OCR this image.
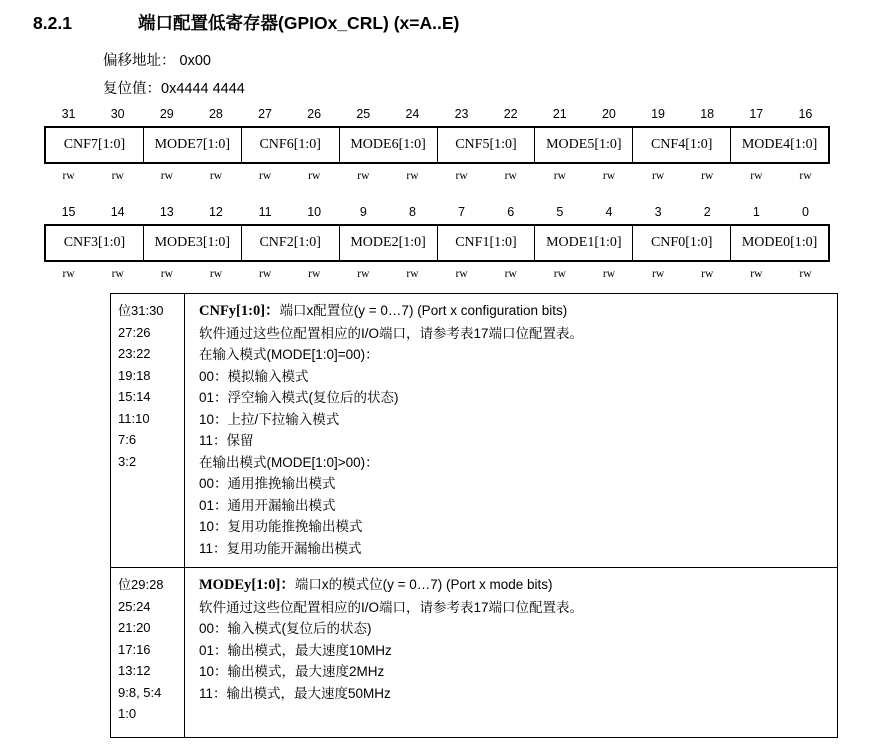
8.2.1	端口配置低寄存器(GPIOx_CRL) (x=A..E)
偏移地址： 0x00
复位值：0x4444 4444
31	30	29	28	27	26	25	24	23	22	21	20	19	18	17	16
CNF7[1:0]	MODE7[1:0]	CNF6[1:0]	MODE6[1:0]	CNF5[1:0]	MODE5[1:0]	CNF4[1:0]	MODE4[1:0]
rw	rw	rw	rw	rw	rw	rw	rw	rw	rw	rw	rw	rw	rw	rw	rw
15	14	13	12	11	10	9	8	7	6	5	4	3	2	1	0
CNF3[1:0]	MODE3[1:0]	CNF2[1:0]	MODE2[1:0]	CNF1[1:0]	MODE1[1:0]	CNF0[1:0]	MODE0[1:0]
rw	rw	rw	rw	rw	rw	rw	rw	rw	rw	rw	rw	rw	rw	rw	rw
位31:30
27:26
23:22
19:18
15:14
11:10
7:6
3:2
CNFy[1:0]：端口x配置位(y = 0…7) (Port x configuration bits)
软件通过这些位配置相应的I/O端口，请参考表17端口位配置表。
在输入模式(MODE[1:0]=00)：
00：模拟输入模式
01：浮空输入模式(复位后的状态)
10：上拉/下拉输入模式
11：保留
在输出模式(MODE[1:0]>00)：
00：通用推挽输出模式
01：通用开漏输出模式
10：复用功能推挽输出模式
11：复用功能开漏输出模式
位29:28
25:24
21:20
17:16
13:12
9:8, 5:4
1:0
MODEy[1:0]：端口x的模式位(y = 0…7) (Port x mode bits)
软件通过这些位配置相应的I/O端口，请参考表17端口位配置表。
00：输入模式(复位后的状态)
01：输出模式，最大速度10MHz
10：输出模式，最大速度2MHz
11：输出模式，最大速度50MHz
